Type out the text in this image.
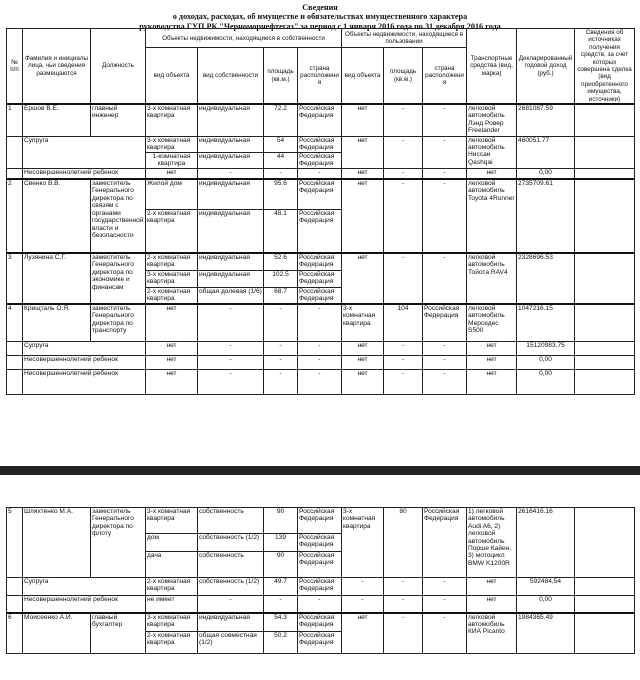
Сведения
о доходах, расходах, об имуществе и обязательствах имущественного характера
руководства ГУП РК "Черноморнефтегаз" за период с 1 января 2016 года по 31 декабря 2016 года
№ п/п	Фамилия и инициалы лица, чьи сведения размещаются	Должность	Объекты недвижимости, находящиеся в собственности				Объекты недвижимости, находящиеся в пользовании			Транспортные средства (вид, марка)	Декларированный годовой доход (руб.)	Сведения об источниках получения средств, за счет которых совершена сделка (вид приобретенного имущества, источники)
			вид объекта	вид собственности	площадь (кв.м.)	страна расположения	вид объекта	площадь (кв.м.)	страна расположения			
1	Ершов В.Е.	главный инженер	3-х комнатная квартира	индивидуальная	72.2	Российская Федерация	нет	-	-	легковой автомобиль Лэнд Ровер Freelander	2681087.59	
	Супруга		3-х комнатная квартира	индивидуальная	54	Российская Федерация	нет	-	-	легковой автомобиль Ниссан Qashqai	460051.77	
			1-комнатная квартира	индивидуальная	44	Российская Федерация						
	Несовершеннолетний ребенок		нет	-	-	-	нет	-	-	нет	0,00	
2	Свенко В.В.	заместитель Генерального директора по связям с органами государственной власти и безопасности	Жилой дом	индивидуальная	95.6	Российская Федерация	нет	-	-	легковой автомобиль Toyota 4Runner	2735709.61	
			2-х комнатная квартира	индивидуальная	48.1	Российская Федерация						
3	Лузянина С.Г.	заместитель Генерального директора по экономике и финансам	2-х комнатная квартира	индивидуальная	52.6	Российская Федерация	нет	-	-	легковой автомобиль Тойота RAV4	2328696.53	
			3-х комнатная квартира	индивидуальная	102.5	Российская Федерация						
			2-х комнатная квартира	общая долевая (1/6)	68.7	Российская Федерация						
4	Крищталь О.Я.	заместитель Генерального директора по транспорту	нет	-	-	-	3-х комнатная квартира	104	Российская Федерация	легковой автомобиль Мерседес S500	1047216.15	
	Супруга		нет	-	-	-	нет	-	-	нет	15120983.75	
	Несовершеннолетний ребенок		нет	-	-	-	нет	-	-	нет	0,00	
	Несовершеннолетний ребенок		нет	-	-	-	нет	-	-	нет	0,00	
5	Шляхтенко М.А.	заместитель Генерального директора по флоту	3-х комнатная квартира	собственность	90	Российская Федерация	3-х комнатная квартира	80	Российская Федерация	1) легковой автомобиль Audi A6, 2) легковой автомобиль Порше Кайен, 3) мотоцикл BMW K1200R	2616416.16	
			дом	собственность (1/2)	139	Российская Федерация						
			дача	собственность	90	Российская Федерация						
	Супруга		2-х комнатная квартира	собственность (1/2)	49.7	Российская Федерация	-	-	-	нет	592484,54	
	Несовершеннолетний ребенок		не имеет	-	-	-	-	-	-	нет	0,00	
6	Моисеенко А.И.	главный бухгалтер	3-х комнатная квартира	индивидуальная	54.3	Российская Федерация	нет	-	-	легковой автомобиль КИА Picanto	1984365.49	
			2-х комнатная квартира	общая совместная (1/2)	50.2	Российская Федерация						
